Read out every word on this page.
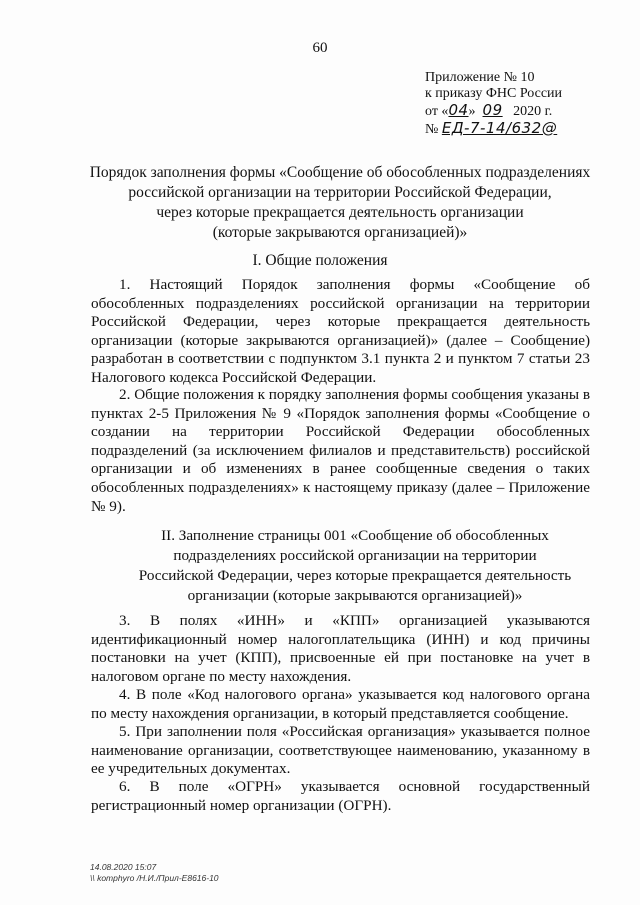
60
Приложение № 10
к приказу ФНС России
от «04» 09 2020 г.
№ ЕД-7-14/632@
Порядок заполнения формы «Сообщение об обособленных подразделениях
российской организации на территории Российской Федерации,
через которые прекращается деятельность организации
(которые закрываются организацией)»
I. Общие положения

1. Настоящий Порядок заполнения формы «Сообщение об обособленных подразделениях российской организации на территории Российской Федерации, через которые прекращается деятельность организации (которые закрываются организацией)» (далее – Сообщение) разработан в соответствии с подпунктом 3.1 пункта 2 и пунктом 7 статьи 23 Налогового кодекса Российской Федерации.

2. Общие положения к порядку заполнения формы сообщения указаны в пунктах 2-5 Приложения № 9 «Порядок заполнения формы «Сообщение о создании на территории Российской Федерации обособленных подразделений (за исключением филиалов и представительств) российской организации и об изменениях в ранее сообщенные сведения о таких обособленных подразделениях» к настоящему приказу (далее – Приложение № 9).

II. Заполнение страницы 001 «Сообщение об обособленных
подразделениях российской организации на территории
Российской Федерации, через которые прекращается деятельность
организации (которые закрываются организацией)»

3. В полях «ИНН» и «КПП» организацией указываются идентификационный номер налогоплательщика (ИНН) и код причины постановки на учет (КПП), присвоенные ей при постановке на учет в налоговом органе по месту нахождения.

4. В поле «Код налогового органа» указывается код налогового органа по месту нахождения организации, в который представляется сообщение.

5. При заполнении поля «Российская организация» указывается полное наименование организации, соответствующее наименованию, указанному в ее учредительных документах.

6. В поле «ОГРН» указывается основной государственный регистрационный номер организации (ОГРН).

14.08.2020 15:07
\\ komphyro /Н.И./Прил-Е8616-10
